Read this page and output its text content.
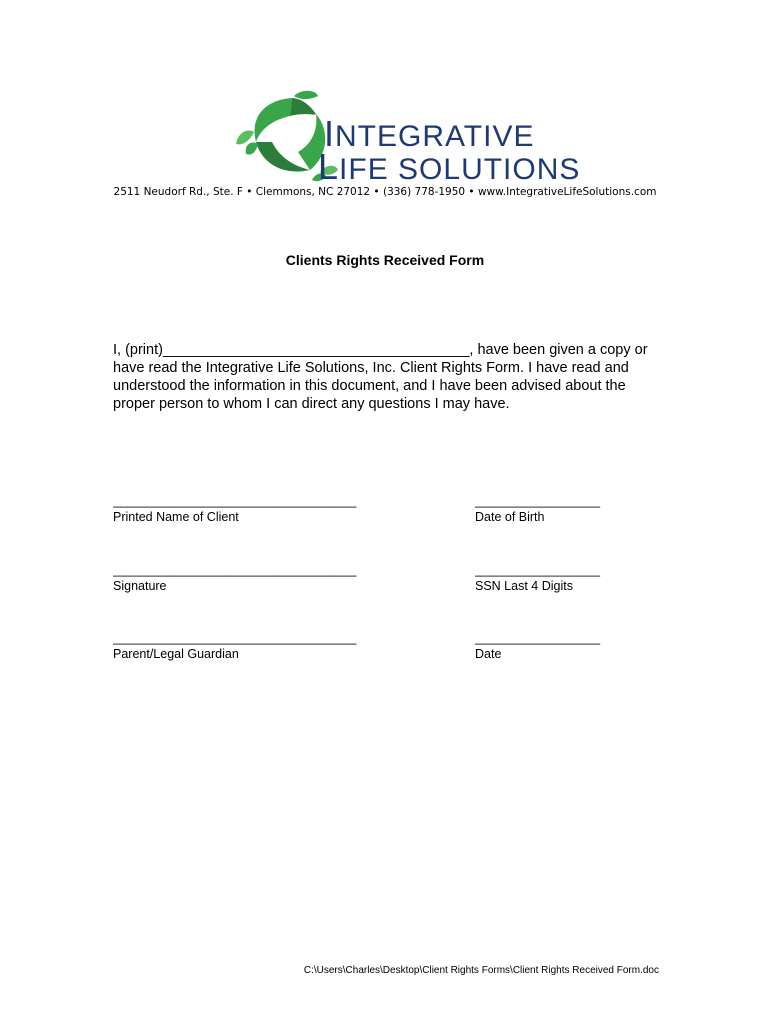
INTEGRATIVE
LIFE SOLUTIONS
2511 Neudorf Rd., Ste. F • Clemmons, NC 27012 • (336) 778-1950 • www.IntegrativeLifeSolutions.com
Clients Rights Received Form
I, (print)______________________________________, have been given a copy or have read the Integrative Life Solutions, Inc. Client Rights Form. I have read and understood the information in this document, and I have been advised about the proper person to whom I can direct any questions I may have.
___________________________________
Printed Name of Client
__________________
Date of Birth
___________________________________
Signature
__________________
SSN Last 4 Digits
___________________________________
Parent/Legal Guardian
__________________
Date
C:\Users\Charles\Desktop\Client Rights Forms\Client Rights Received Form.doc
